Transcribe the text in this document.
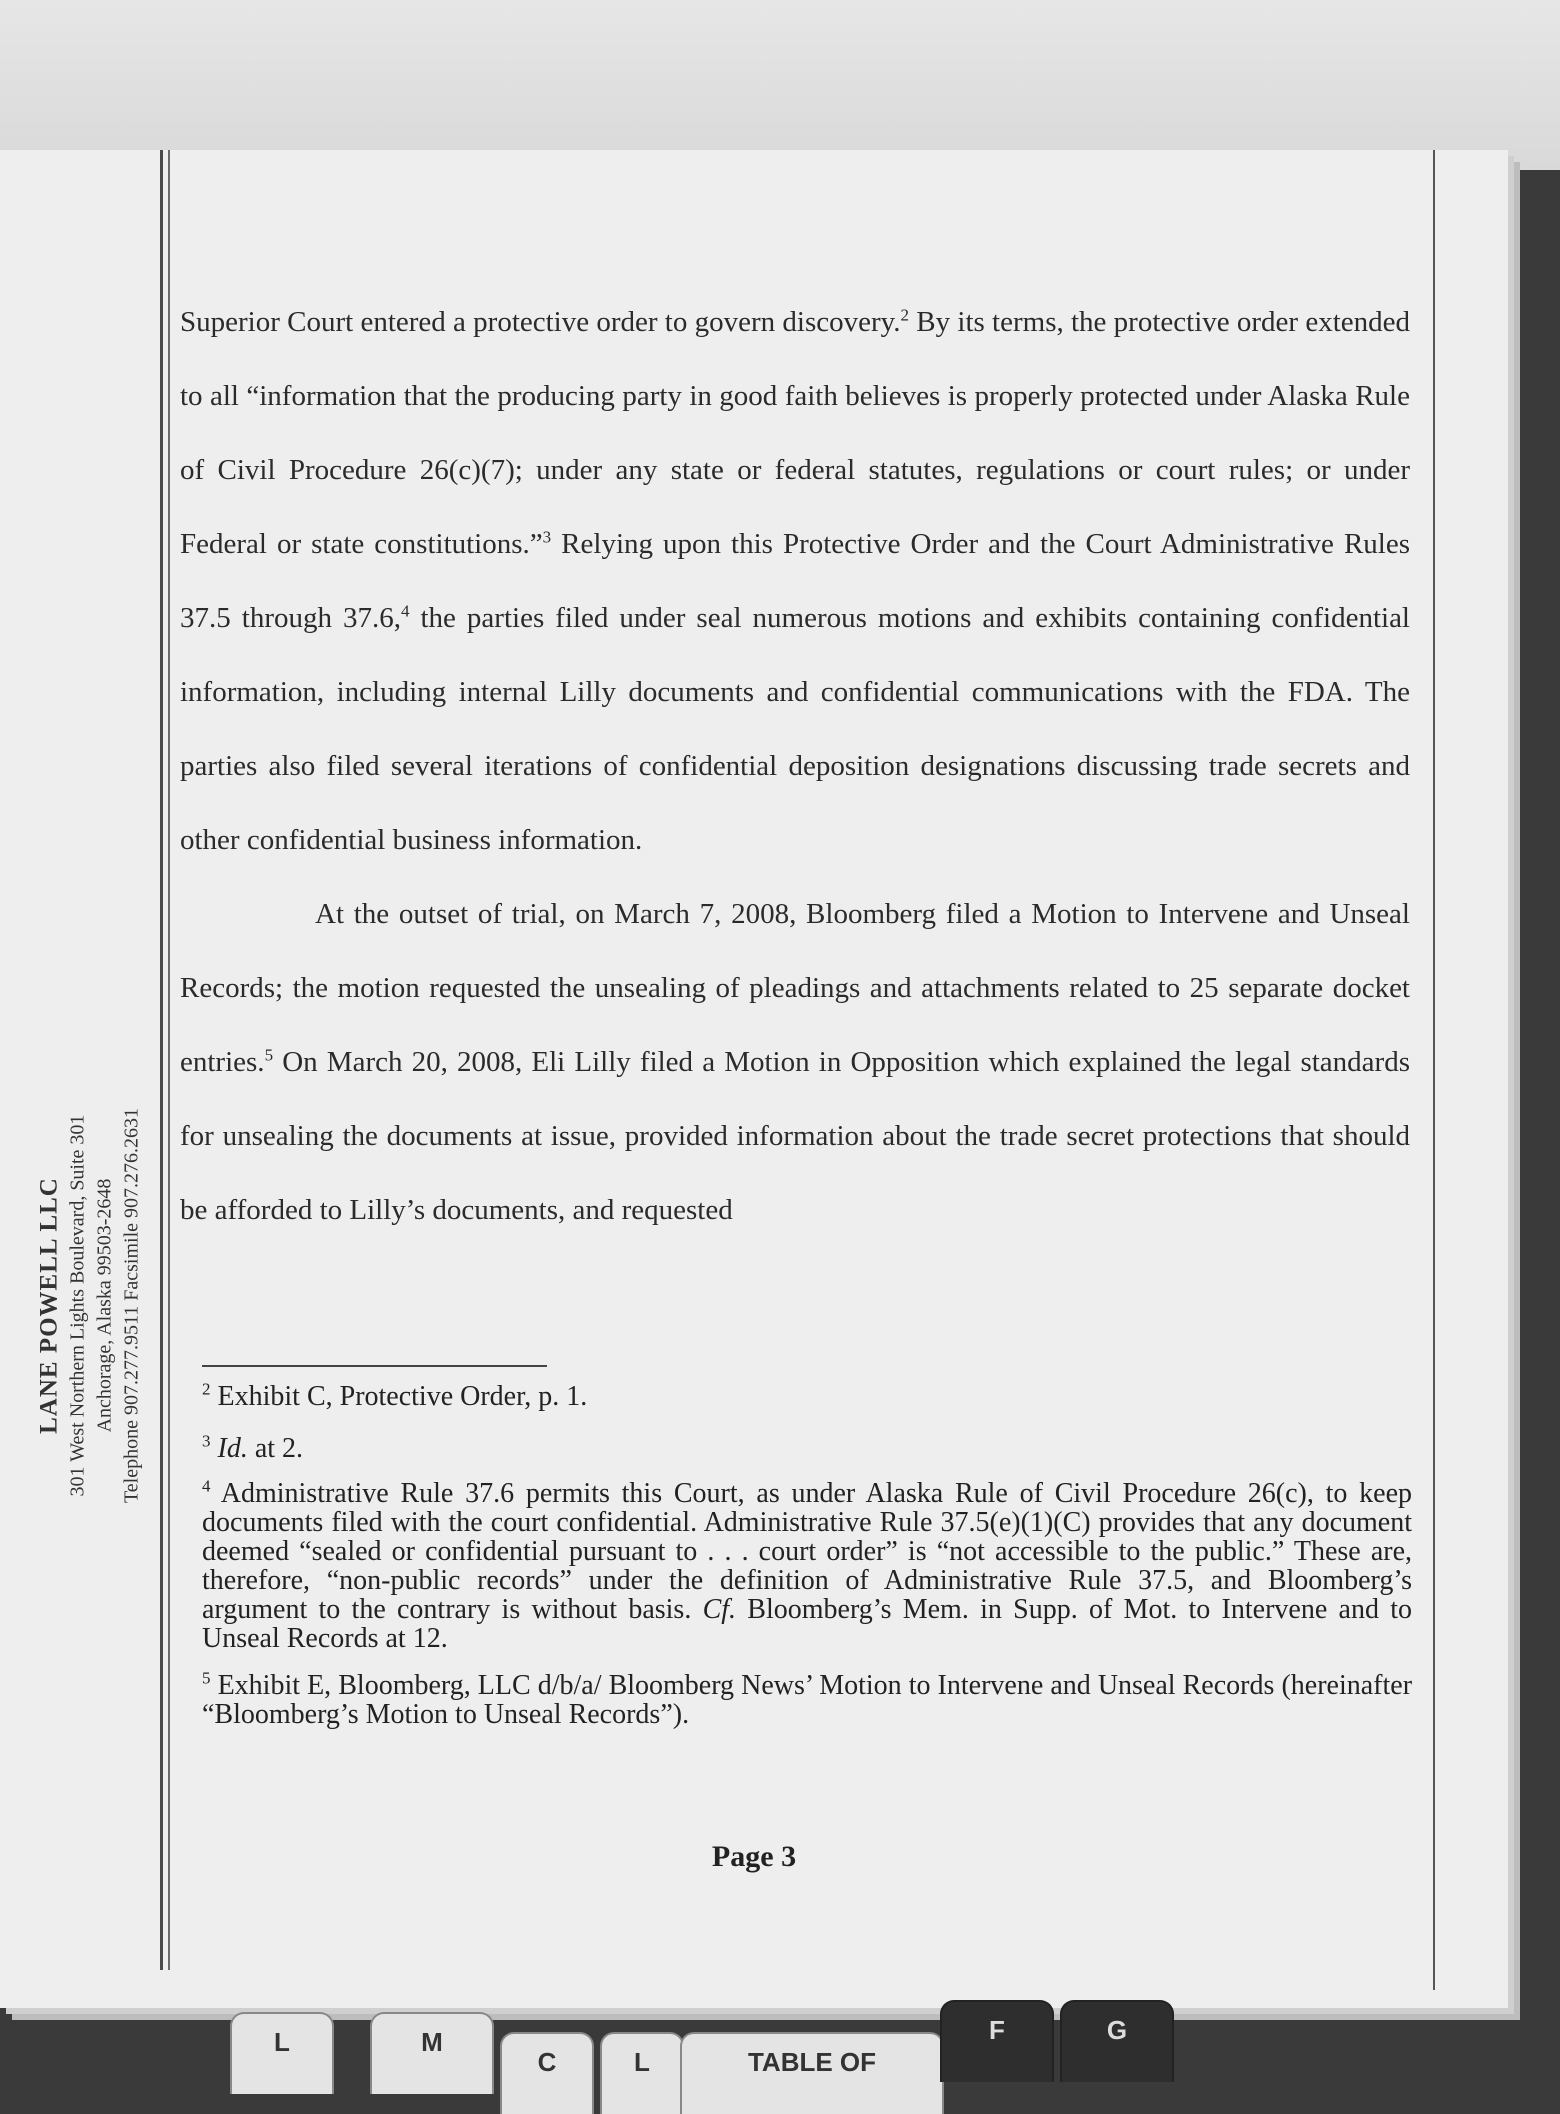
LANE POWELL LLC 301 West Northern Lights Boulevard, Suite 301 Anchorage, Alaska 99503-2648 Telephone 907.277.9511 Facsimile 907.276.2631

Superior Court entered a protective order to govern discovery.$^2$ By its terms, the protective order extended to all “information that the producing party in good faith believes is properly protected under Alaska Rule of Civil Procedure 26(c)(7); under any state or federal statutes, regulations or court rules; or under Federal or state constitutions.”$^3$ Relying upon this Protective Order and the Court Administrative Rules 37.5 through 37.6,$^4$ the parties filed under seal numerous motions and exhibits containing confidential information, including internal Lilly documents and confidential communications with the FDA. The parties also filed several iterations of confidential deposition designations discussing trade secrets and other confidential business information.

At the outset of trial, on March 7, 2008, Bloomberg filed a Motion to Intervene and Unseal Records; the motion requested the unsealing of pleadings and attachments related to 25 separate docket entries.$^5$ On March 20, 2008, Eli Lilly filed a Motion in Opposition which explained the legal standards for unsealing the documents at issue, provided information about the trade secret protections that should be afforded to Lilly’s documents, and requested

$^2$ Exhibit C, Protective Order, p. 1.

$^3$ Id. at 2.

$^4$ Administrative Rule 37.6 permits this Court, as under Alaska Rule of Civil Procedure 26(c), to keep documents filed with the court confidential. Administrative Rule 37.5(e)(1)(C) provides that any document deemed “sealed or confidential pursuant to . . . court order” is “not accessible to the public.” These are, therefore, “non-public records” under the definition of Administrative Rule 37.5, and Bloomberg’s argument to the contrary is without basis. Cf. Bloomberg’s Mem. in Supp. of Mot. to Intervene and to Unseal Records at 12.

$^5$ Exhibit E, Bloomberg, LLC d/b/a/ Bloomberg News’ Motion to Intervene and Unseal Records (hereinafter “Bloomberg’s Motion to Unseal Records”).

Page 3
L	M
C	L	TABLE OF
F	G
